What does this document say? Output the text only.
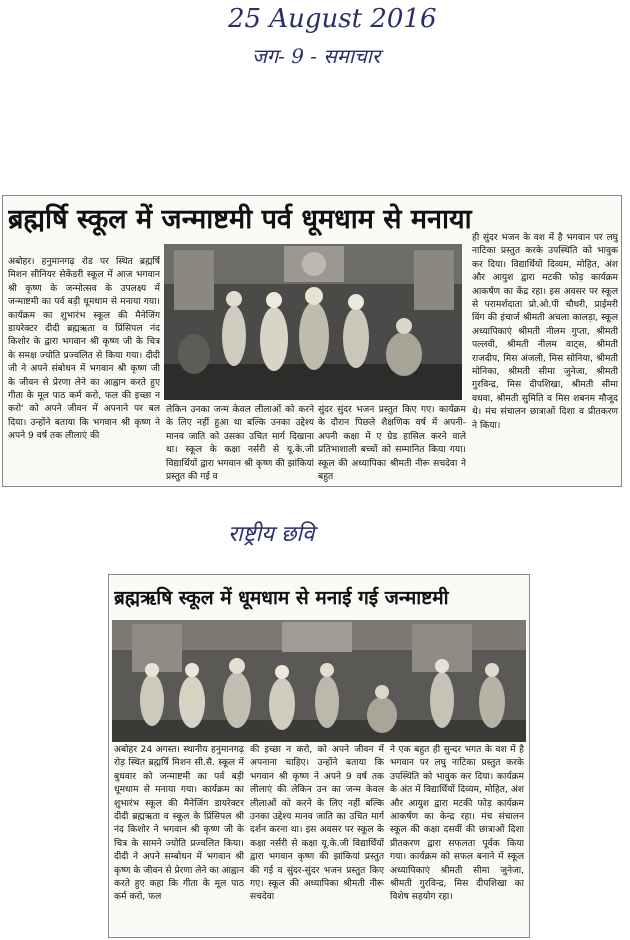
25 August 2016
जग- 9 - समाचार
राष्ट्रीय छवि
ब्रह्मर्षि स्कूल में जन्माष्टमी पर्व धूमधाम से मनाया
अबोहर। हनुमानगढ़ रोड पर स्थित ब्रह्मर्षि मिशन सीनियर सेकेंडरी स्कूल में आज भगवान श्री कृष्ण के जन्मोत्सव के उपलक्ष्य में जन्माष्टमी का पर्व बड़ी धूमधाम से मनाया गया। कार्यक्रम का शुभारंभ स्कूल की मैनेजिंग डायरेक्टर दीदी ब्रह्मऋता व प्रिंसिपल नंद किशोर के द्वारा भगवान श्री कृष्ण जी के चित्र के समक्ष ज्योति प्रज्वलित से किया गया। दीदी जी ने अपने संबोधन में भगवान श्री कृष्ण जी के जीवन से प्रेरणा लेने का आह्वान करते हुए गीता के मूल पाठ कर्म करो, फल की इच्छा न करो' को अपने जीवन में अपनाने पर बल दिया। उन्होंने बताया कि भगवान श्री कृष्ण ने अपने 9 वर्ष तक लीलाएं की
लेकिन उनका जन्म केवल लीलाओं को करने के लिए नहीं हुआ था बल्कि उनका उद्देश्य मानव जाति को उसका उचित मार्ग दिखाना था। स्कूल के कक्षा नर्सरी से यू.के.जी विद्यार्थियों द्वारा भगवान श्री कृष्ण की झांकियां प्रस्तुत की गई व
सुंदर सुंदर भजन प्रस्तुत किए गए। कार्यक्रम के दौरान पिछले शैक्षणिक वर्ष में अपनी-अपनी कक्षा में ए ग्रेड हासिल करने वाले प्रतिभाशाली बच्चों को सम्मानित किया गया। स्कूल की अध्यापिका श्रीमती नीरू सचदेवा ने बहुत
ही सुंदर भजन के वश में है भगवान पर लघु नाटिका प्रस्तुत करके उपस्थिति को भावुक कर दिया। विद्यार्थियों दिव्यम, मोहित, अंश और आयुश द्वारा मटकी फोड़ कार्यक्रम आकर्षण का केंद्र रहा। इस अवसर पर स्कूल से परामर्शदाता प्रो.ओ.पी चौधरी, प्राईमरी विंग की इंचार्ज श्रीमती अचला कालड़ा, स्कूल अध्यापिकाएं श्रीमती नीलम गुप्ता, श्रीमती पल्लवी, श्रीमती नीलम वाट्स, श्रीमती राजदीप, मिस अंजली, मिस सोनिया, श्रीमती मोनिका, श्रीमती सीमा जुनेजा, श्रीमती गुरविन्द्र, मिस दीपशिखा, श्रीमती सीमा वधवा, श्रीमती सुमिति व मिस शबनम मौजूद थे। मंच संचालन छात्राओं दिशा व प्रीतकरण ने किया।
ब्रह्मऋषि स्कूल में धूमधाम से मनाई गई जन्माष्टमी
अबोहर 24 अगस्त। स्थानीय हनुमानगढ़ रोड़ स्थित ब्रह्मर्षि मिशन सी.सै. स्कूल में बुधवार को जन्माष्टमी का पर्व बड़ी धूमधाम से मनाया गया। कार्यक्रम का शुभारंभ स्कूल की मैनेजिंग डायरेक्टर दीदी ब्रह्मऋता व स्कूल के प्रिंसिपल श्री नंद किशोर ने भगवान श्री कृष्ण जी के चित्र के सामने ज्योति प्रज्वलित किया। दीदी ने अपने सम्बोधन में भगवान श्री कृष्ण के जीवन से प्रेरणा लेने का आह्वान करते हुए कहा कि गीता के मूल पाठ कर्म करो, फल
की इच्छा न करो, को अपने जीवन में अपनाना चाहिए। उन्होंने बताया कि भगवान श्री कृष्ण ने अपने 9 वर्ष तक लीलाएं की लेकिन उन का जन्म केवल लीलाओं को करने के लिए नहीं बल्कि उनका उद्देश्य मानव जाति का उचित मार्ग दर्शन करना था। इस अवसर पर स्कूल के कक्षा नर्सरी से कक्षा यू.के.जी विद्यार्थियों द्वारा भगवान कृष्ण की झांकियां प्रस्तुत की गई व सुंदर-सुंदर भजन प्रस्तुत किए गए। स्कूल की अध्यापिका श्रीमती नीरू सचदेवा
ने एक बहुत ही सुन्दर भगत के वश में है भगवान पर लघु नाटिका प्रस्तुत करके उपस्थिति को भावुक कर दिया। कार्यक्रम के अंत में विद्यार्थियों दिव्यम, मोहित, अंश और आयुश द्वारा मटकी फोड़ कार्यक्रम आकर्षण का केन्द्र रहा। मंच संचालन स्कूल की कक्षा दसवीं की छात्राओं दिशा प्रीतकरण द्वारा सफलता पूर्वक किया गया। कार्यक्रम को सफल बनाने में स्कूल अध्यापिकाएं श्रीमती सीमा जुनेजा, श्रीमती गुरविन्द्र, मिस दीपशिखा का विशेष सहयोग रहा।
